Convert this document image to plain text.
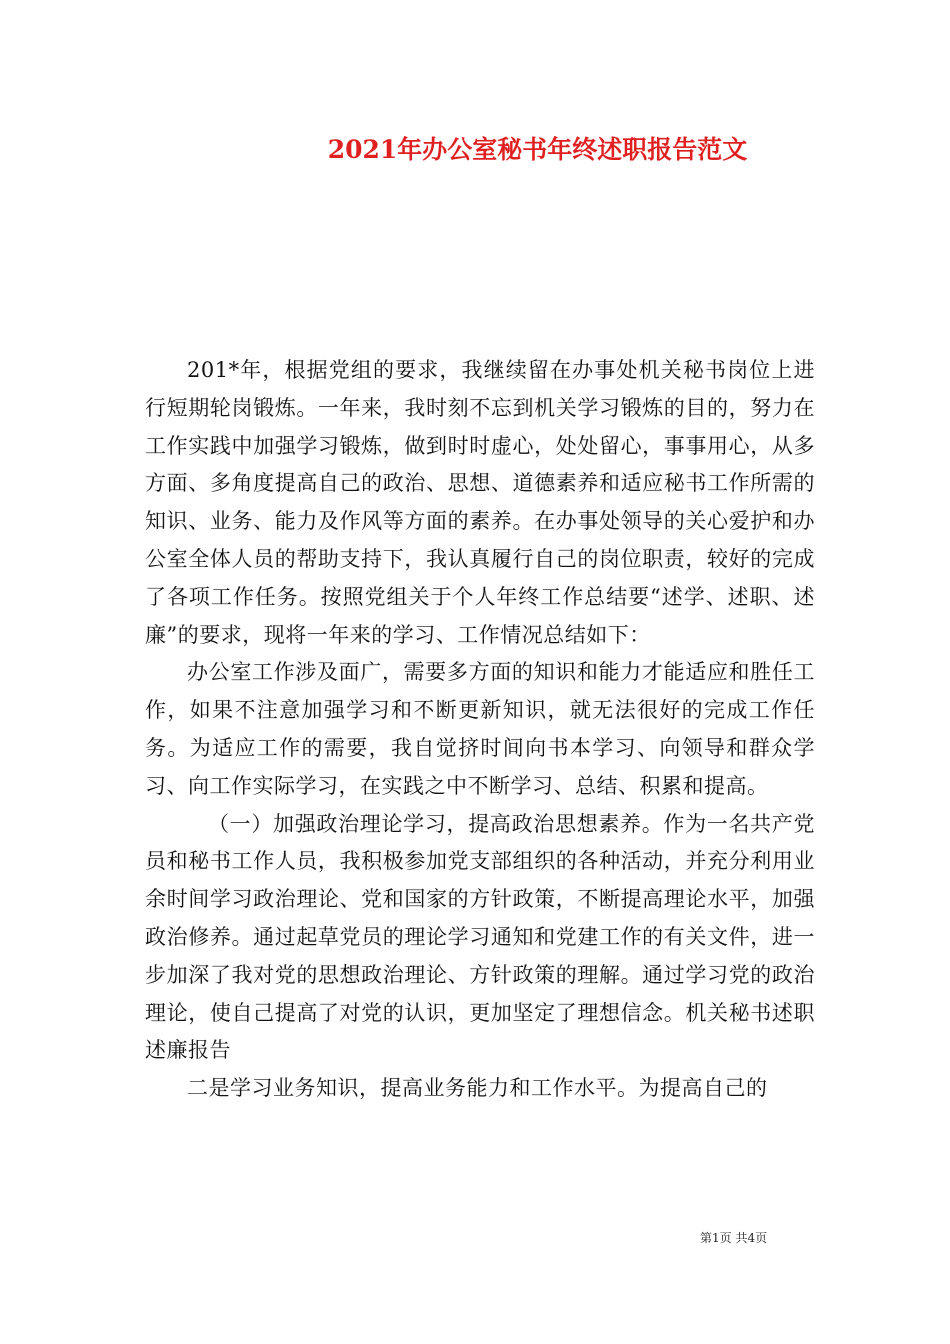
2021年办公室秘书年终述职报告范文

201*年，根据党组的要求，我继续留在办事处机关秘书岗位上进行短期轮岗锻炼。一年来，我时刻不忘到机关学习锻炼的目的，努力在工作实践中加强学习锻炼，做到时时虚心，处处留心，事事用心，从多方面、多角度提高自己的政治、思想、道德素养和适应秘书工作所需的知识、业务、能力及作风等方面的素养。在办事处领导的关心爱护和办公室全体人员的帮助支持下，我认真履行自己的岗位职责，较好的完成了各项工作任务。按照党组关于个人年终工作总结要“述学、述职、述廉”的要求，现将一年来的学习、工作情况总结如下：

办公室工作涉及面广，需要多方面的知识和能力才能适应和胜任工作，如果不注意加强学习和不断更新知识，就无法很好的完成工作任务。为适应工作的需要，我自觉挤时间向书本学习、向领导和群众学习、向工作实际学习，在实践之中不断学习、总结、积累和提高。

（一）加强政治理论学习，提高政治思想素养。作为一名共产党员和秘书工作人员，我积极参加党支部组织的各种活动，并充分利用业余时间学习政治理论、党和国家的方针政策，不断提高理论水平，加强政治修养。通过起草党员的理论学习通知和党建工作的有关文件，进一步加深了我对党的思想政治理论、方针政策的理解。通过学习党的政治理论，使自己提高了对党的认识，更加坚定了理想信念。机关秘书述职述廉报告

二是学习业务知识，提高业务能力和工作水平。为提高自己的

第1页 共4页
